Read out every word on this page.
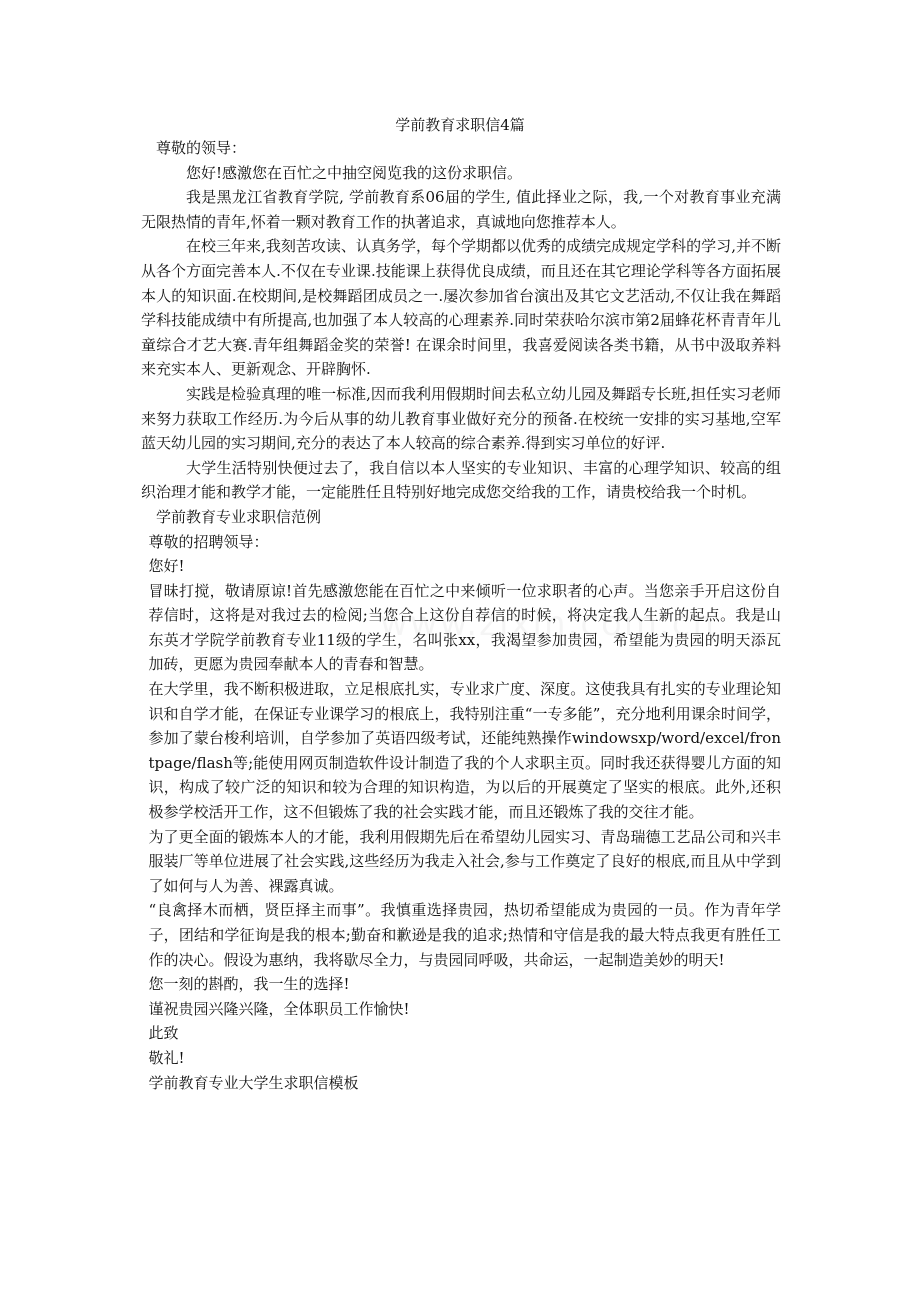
学前教育求职信4篇

尊敬的领导：

您好!感激您在百忙之中抽空阅览我的这份求职信。

我是黑龙江省教育学院, 学前教育系06届的学生, 值此择业之际，我,一个对教育事业充满无限热情的青年,怀着一颗对教育工作的执著追求，真诚地向您推荐本人。

在校三年来,我刻苦攻读、认真务学，每个学期都以优秀的成绩完成规定学科的学习,并不断从各个方面完善本人.不仅在专业课.技能课上获得优良成绩，而且还在其它理论学科等各方面拓展本人的知识面.在校期间,是校舞蹈团成员之一.屡次参加省台演出及其它文艺活动,不仅让我在舞蹈学科技能成绩中有所提高,也加强了本人较高的心理素养.同时荣获哈尔滨市第2届蜂花杯青青年儿童综合才艺大赛.青年组舞蹈金奖的荣誉! 在课余时间里，我喜爱阅读各类书籍，从书中汲取养料来充实本人、更新观念、开辟胸怀.

实践是检验真理的唯一标准,因而我利用假期时间去私立幼儿园及舞蹈专长班,担任实习老师来努力获取工作经历.为今后从事的幼儿教育事业做好充分的预备.在校统一安排的实习基地,空军蓝天幼儿园的实习期间,充分的表达了本人较高的综合素养.得到实习单位的好评.

大学生活特别快便过去了，我自信以本人坚实的专业知识、丰富的心理学知识、较高的组织治理才能和教学才能，一定能胜任且特别好地完成您交给我的工作，请贵校给我一个时机。

学前教育专业求职信范例

尊敬的招聘领导：

您好!

冒昧打搅，敬请原谅!首先感激您能在百忙之中来倾听一位求职者的心声。当您亲手开启这份自荐信时，这将是对我过去的检阅;当您合上这份自荐信的时候，将决定我人生新的起点。我是山东英才学院学前教育专业11级的学生，名叫张xx，我渴望参加贵园，希望能为贵园的明天添瓦加砖，更愿为贵园奉献本人的青春和智慧。

在大学里，我不断积极进取，立足根底扎实，专业求广度、深度。这使我具有扎实的专业理论知识和自学才能，在保证专业课学习的根底上，我特别注重“一专多能”，充分地利用课余时间学，参加了蒙台梭利培训，自学参加了英语四级考试，还能纯熟操作windowsxp/word/excel/frontpage/flash等;能使用网页制造软件设计制造了我的个人求职主页。同时我还获得婴儿方面的知识，构成了较广泛的知识和较为合理的知识构造，为以后的开展奠定了坚实的根底。此外,还积极参学校活开工作，这不但锻炼了我的社会实践才能，而且还锻炼了我的交往才能。

为了更全面的锻炼本人的才能，我利用假期先后在希望幼儿园实习、青岛瑞德工艺品公司和兴丰服装厂等单位进展了社会实践,这些经历为我走入社会,参与工作奠定了良好的根底,而且从中学到了如何与人为善、裸露真诚。

“良禽择木而栖，贤臣择主而事”。我慎重选择贵园，热切希望能成为贵园的一员。作为青年学子，团结和学征询是我的根本;勤奋和歉逊是我的追求;热情和守信是我的最大特点我更有胜任工作的决心。假设为惠纳，我将歇尽全力，与贵园同呼吸，共命运，一起制造美妙的明天!

您一刻的斟酌，我一生的选择!

谨祝贵园兴隆兴隆，全体职员工作愉快!

此致

敬礼!

学前教育专业大学生求职信模板
